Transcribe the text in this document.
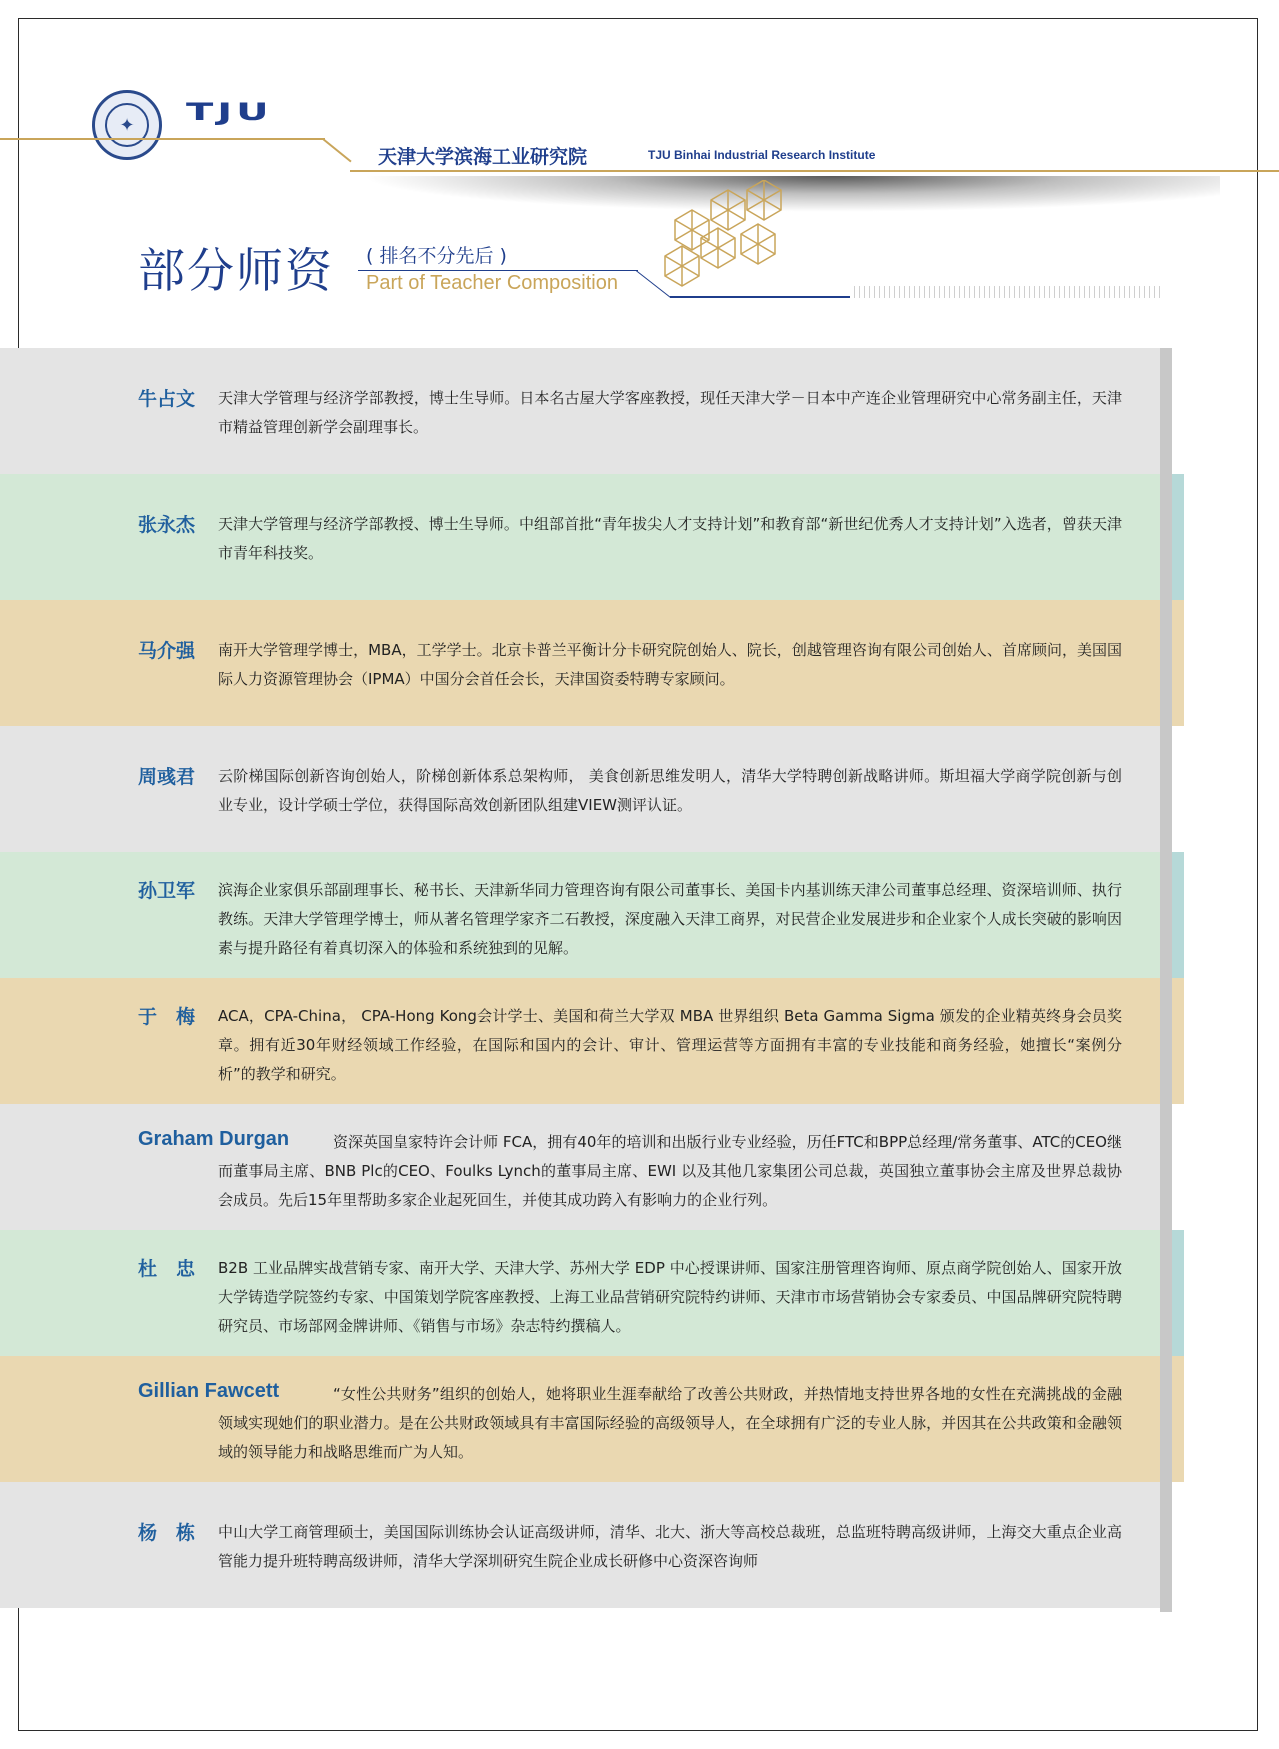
✦	TJU
天津大学滨海工业研究院	TJU Binhai Industrial Research Institute
部分师资 ( 排名不分先后 )
Part of Teacher Composition
牛占文	天津大学管理与经济学部教授，博士生导师。日本名古屋大学客座教授，现任天津大学－日本中产连企业管理研究中心常务副主任，天津市精益管理创新学会副理事长。
张永杰	天津大学管理与经济学部教授、博士生导师。中组部首批“青年拔尖人才支持计划”和教育部“新世纪优秀人才支持计划”入选者，曾获天津市青年科技奖。
马介强	南开大学管理学博士，MBA，工学学士。北京卡普兰平衡计分卡研究院创始人、院长，创越管理咨询有限公司创始人、首席顾问，美国国际人力资源管理协会（IPMA）中国分会首任会长，天津国资委特聘专家顾问。
周彧君	云阶梯国际创新咨询创始人，阶梯创新体系总架构师， 美食创新思维发明人，清华大学特聘创新战略讲师。斯坦福大学商学院创新与创业专业，设计学硕士学位，获得国际高效创新团队组建VIEW测评认证。
孙卫军	滨海企业家俱乐部副理事长、秘书长、天津新华同力管理咨询有限公司董事长、美国卡内基训练天津公司董事总经理、资深培训师、执行教练。天津大学管理学博士，师从著名管理学家齐二石教授，深度融入天津工商界，对民营企业发展进步和企业家个人成长突破的影响因素与提升路径有着真切深入的体验和系统独到的见解。
于　梅	ACA，CPA-China， CPA-Hong Kong会计学士、美国和荷兰大学双 MBA 世界组织 Beta Gamma Sigma 颁发的企业精英终身会员奖章。拥有近30年财经领域工作经验，在国际和国内的会计、审计、管理运营等方面拥有丰富的专业技能和商务经验，她擅长“案例分析”的教学和研究。
Graham Durgan	资深英国皇家特许会计师 FCA，拥有40年的培训和出版行业专业经验，历任FTC和BPP总经理/常务董事、ATC的CEO继而董事局主席、BNB Plc的CEO、Foulks Lynch的董事局主席、EWI 以及其他几家集团公司总裁，英国独立董事协会主席及世界总裁协会成员。先后15年里帮助多家企业起死回生，并使其成功跨入有影响力的企业行列。
杜　忠	B2B 工业品牌实战营销专家、南开大学、天津大学、苏州大学 EDP 中心授课讲师、国家注册管理咨询师、原点商学院创始人、国家开放大学铸造学院签约专家、中国策划学院客座教授、上海工业品营销研究院特约讲师、天津市市场营销协会专家委员、中国品牌研究院特聘研究员、市场部网金牌讲师、《销售与市场》杂志特约撰稿人。
Gillian Fawcett	“女性公共财务”组织的创始人，她将职业生涯奉献给了改善公共财政，并热情地支持世界各地的女性在充满挑战的金融领域实现她们的职业潜力。是在公共财政领域具有丰富国际经验的高级领导人，在全球拥有广泛的专业人脉，并因其在公共政策和金融领域的领导能力和战略思维而广为人知。
杨　栋	中山大学工商管理硕士，美国国际训练协会认证高级讲师，清华、北大、浙大等高校总裁班，总监班特聘高级讲师，上海交大重点企业高管能力提升班特聘高级讲师，清华大学深圳研究生院企业成长研修中心资深咨询师
